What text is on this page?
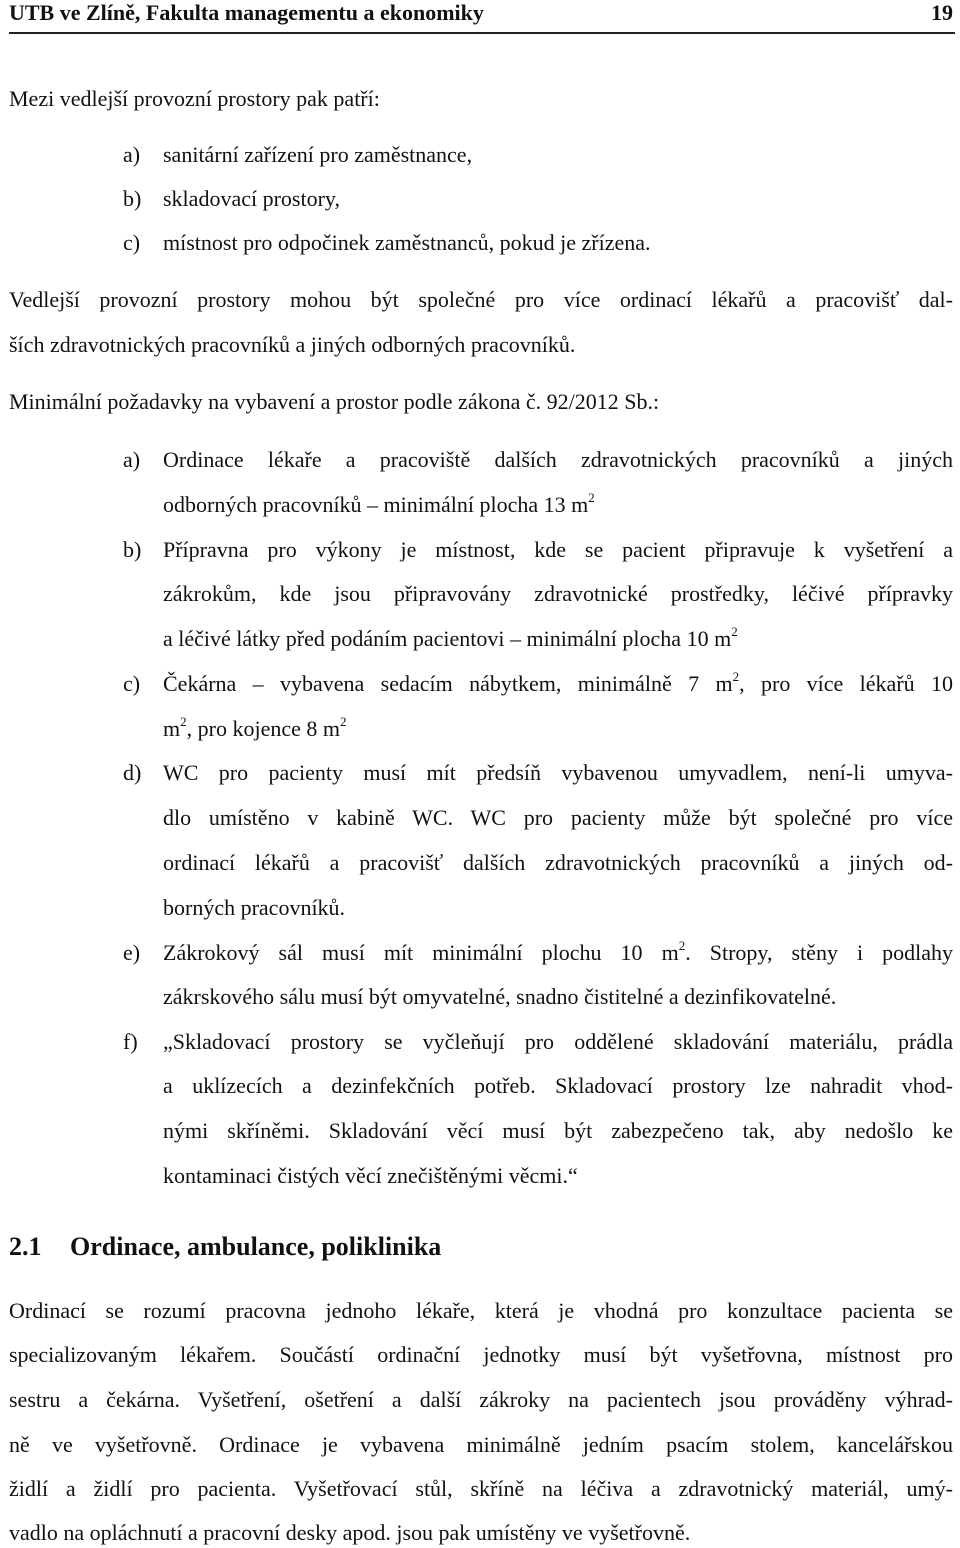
UTB ve Zlíně, Fakulta managementu a ekonomiky	19
Mezi vedlejší provozní prostory pak patří:
a) sanitární zařízení pro zaměstnance,
b) skladovací prostory,
c) místnost pro odpočinek zaměstnanců, pokud je zřízena.
Vedlejší provozní prostory mohou být společné pro více ordinací lékařů a pracovišť dal-
ších zdravotnických pracovníků a jiných odborných pracovníků.
Minimální požadavky na vybavení a prostor podle zákona č. 92/2012 Sb.:
a) Ordinace lékaře a pracoviště dalších zdravotnických pracovníků a jiných
odborných pracovníků – minimální plocha 13 $m^2$
b) Přípravna pro výkony je místnost, kde se pacient připravuje k vyšetření a
zákrokům, kde jsou připravovány zdravotnické prostředky, léčivé přípravky
a léčivé látky před podáním pacientovi – minimální plocha 10 $m^2$
c) Čekárna – vybavena sedacím nábytkem, minimálně 7 $m^2$, pro více lékařů 10
$m^2$, pro kojence 8 $m^2$
d) WC pro pacienty musí mít předsíň vybavenou umyvadlem, není-li umyva-
dlo umístěno v kabině WC. WC pro pacienty může být společné pro více
ordinací lékařů a pracovišť dalších zdravotnických pracovníků a jiných od-
borných pracovníků.
e) Zákrokový sál musí mít minimální plochu 10 $m^2$. Stropy, stěny i podlahy
zákrskového sálu musí být omyvatelné, snadno čistitelné a dezinfikovatelné.
f) „Skladovací prostory se vyčleňují pro oddělené skladování materiálu, prádla
a uklízecích a dezinfekčních potřeb. Skladovací prostory lze nahradit vhod-
nými skříněmi. Skladování věcí musí být zabezpečeno tak, aby nedošlo ke
kontaminaci čistých věcí znečištěnými věcmi.“
2.1 Ordinace, ambulance, poliklinika
Ordinací se rozumí pracovna jednoho lékaře, která je vhodná pro konzultace pacienta se
specializovaným lékařem. Součástí ordinační jednotky musí být vyšetřovna, místnost pro
sestru a čekárna. Vyšetření, ošetření a další zákroky na pacientech jsou prováděny výhrad-
ně ve vyšetřovně. Ordinace je vybavena minimálně jedním psacím stolem, kancelářskou
židlí a židlí pro pacienta. Vyšetřovací stůl, skříně na léčiva a zdravotnický materiál, umý-
vadlo na opláchnutí a pracovní desky apod. jsou pak umístěny ve vyšetřovně.
